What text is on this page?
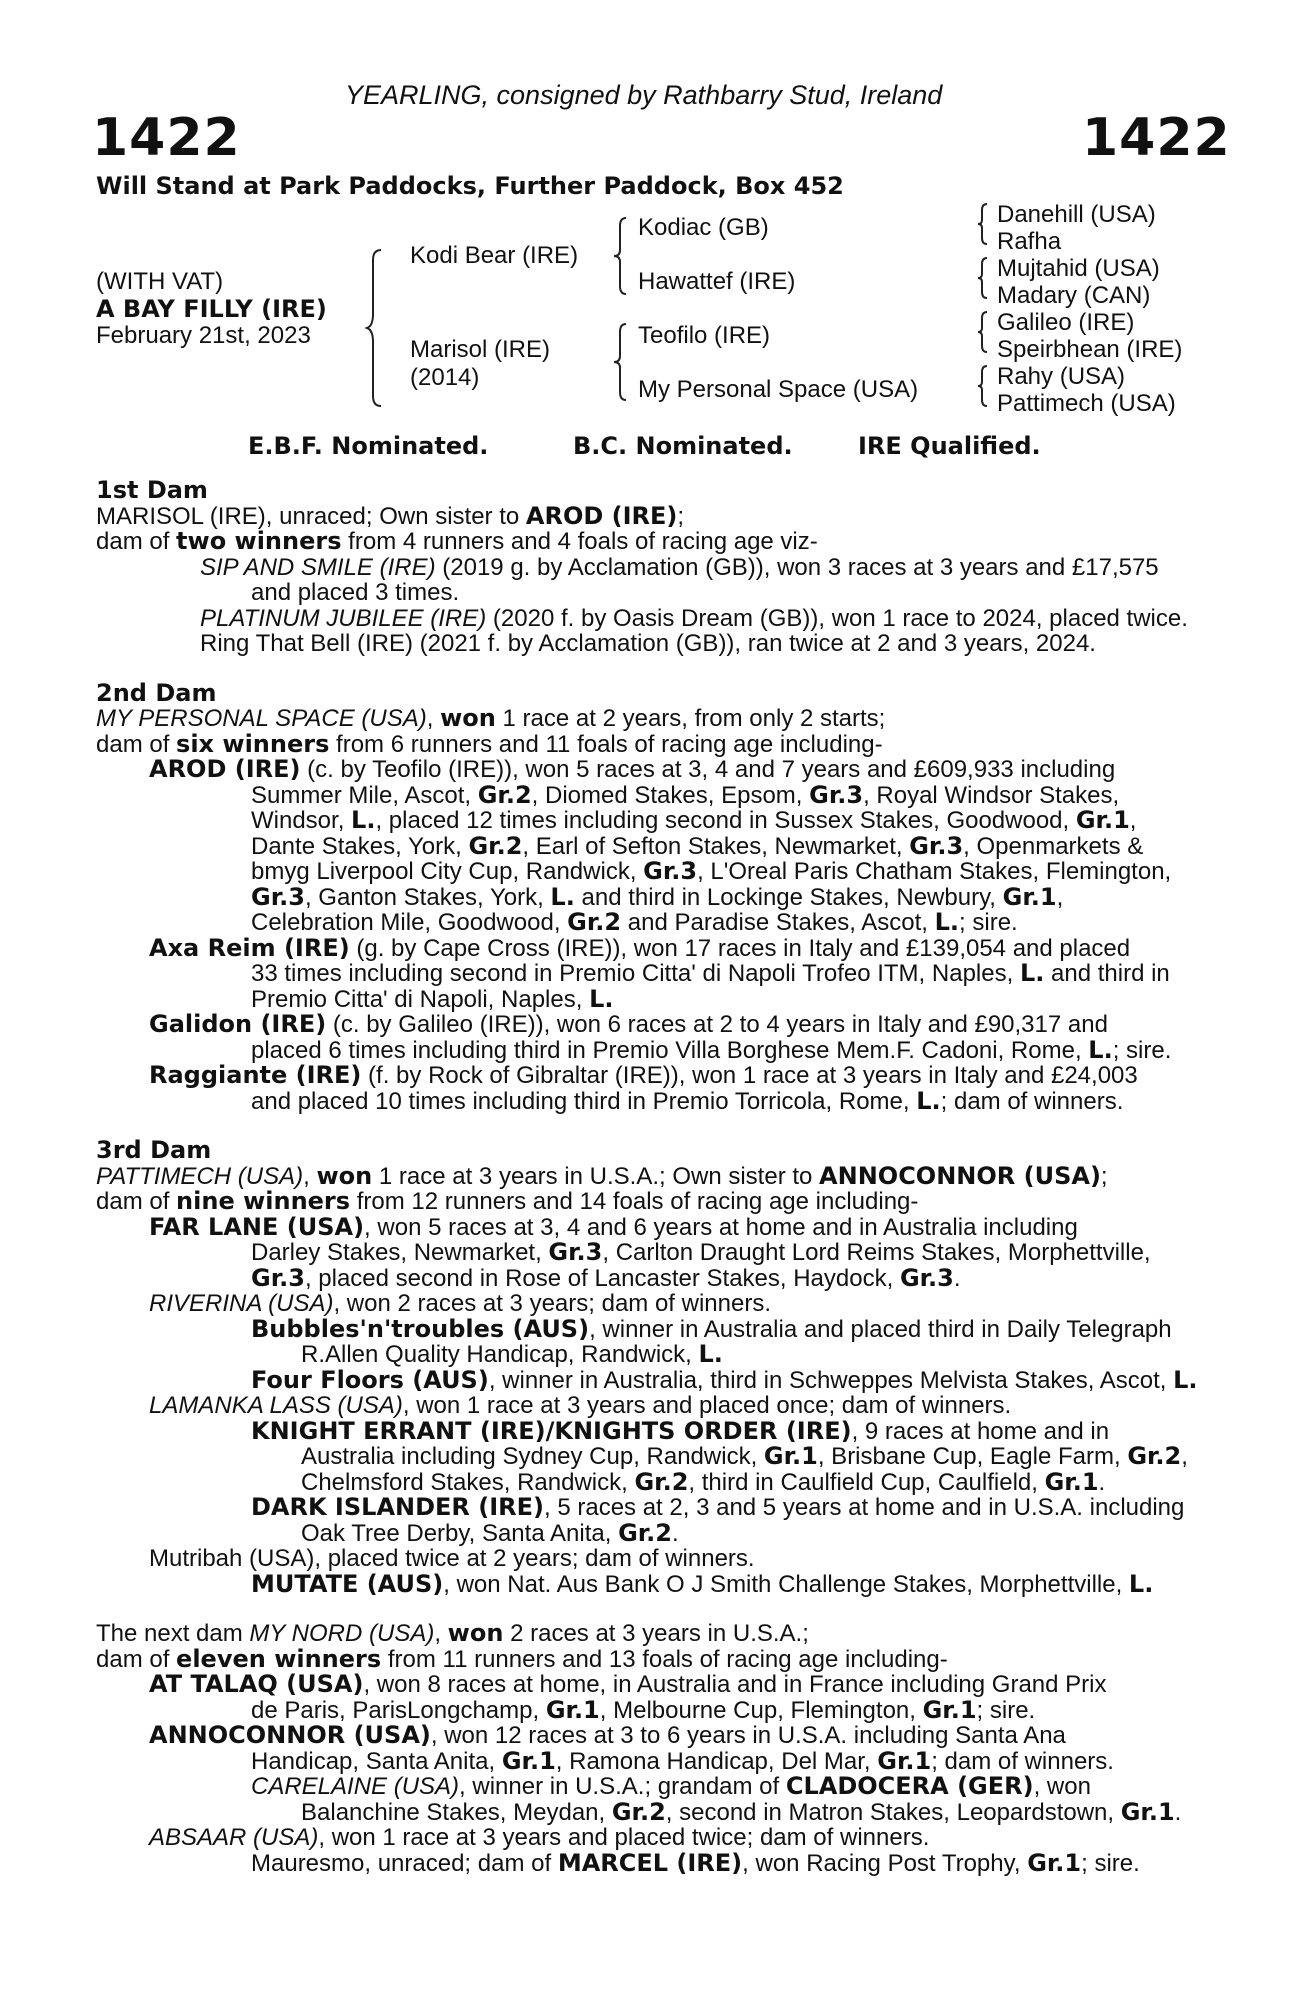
YEARLING, consigned by Rathbarry Stud, Ireland
1422	1422
Will Stand at Park Paddocks, Further Paddock, Box 452
(WITH VAT)
A BAY FILLY (IRE)
February 21st, 2023
Kodi Bear (IRE)
Marisol (IRE)
(2014)
Kodiac (GB)
Hawattef (IRE)
Teofilo (IRE)
My Personal Space (USA)
Danehill (USA)
Rafha
Mujtahid (USA)
Madary (CAN)
Galileo (IRE)
Speirbhean (IRE)
Rahy (USA)
Pattimech (USA)
E.B.F. Nominated.	B.C. Nominated.	IRE Qualified.
1st Dam
MARISOL (IRE), unraced; Own sister to AROD (IRE);
dam of two winners from 4 runners and 4 foals of racing age viz-
SIP AND SMILE (IRE) (2019 g. by Acclamation (GB)), won 3 races at 3 years and £17,575
and placed 3 times.
PLATINUM JUBILEE (IRE) (2020 f. by Oasis Dream (GB)), won 1 race to 2024, placed twice.
Ring That Bell (IRE) (2021 f. by Acclamation (GB)), ran twice at 2 and 3 years, 2024.
2nd Dam
MY PERSONAL SPACE (USA), won 1 race at 2 years, from only 2 starts;
dam of six winners from 6 runners and 11 foals of racing age including-
AROD (IRE) (c. by Teofilo (IRE)), won 5 races at 3, 4 and 7 years and £609,933 including
Summer Mile, Ascot, Gr.2, Diomed Stakes, Epsom, Gr.3, Royal Windsor Stakes,
Windsor, L., placed 12 times including second in Sussex Stakes, Goodwood, Gr.1,
Dante Stakes, York, Gr.2, Earl of Sefton Stakes, Newmarket, Gr.3, Openmarkets &
bmyg Liverpool City Cup, Randwick, Gr.3, L'Oreal Paris Chatham Stakes, Flemington,
Gr.3, Ganton Stakes, York, L. and third in Lockinge Stakes, Newbury, Gr.1,
Celebration Mile, Goodwood, Gr.2 and Paradise Stakes, Ascot, L.; sire.
Axa Reim (IRE) (g. by Cape Cross (IRE)), won 17 races in Italy and £139,054 and placed
33 times including second in Premio Citta' di Napoli Trofeo ITM, Naples, L. and third in
Premio Citta' di Napoli, Naples, L.
Galidon (IRE) (c. by Galileo (IRE)), won 6 races at 2 to 4 years in Italy and £90,317 and
placed 6 times including third in Premio Villa Borghese Mem.F. Cadoni, Rome, L.; sire.
Raggiante (IRE) (f. by Rock of Gibraltar (IRE)), won 1 race at 3 years in Italy and £24,003
and placed 10 times including third in Premio Torricola, Rome, L.; dam of winners.
3rd Dam
PATTIMECH (USA), won 1 race at 3 years in U.S.A.; Own sister to ANNOCONNOR (USA);
dam of nine winners from 12 runners and 14 foals of racing age including-
FAR LANE (USA), won 5 races at 3, 4 and 6 years at home and in Australia including
Darley Stakes, Newmarket, Gr.3, Carlton Draught Lord Reims Stakes, Morphettville,
Gr.3, placed second in Rose of Lancaster Stakes, Haydock, Gr.3.
RIVERINA (USA), won 2 races at 3 years; dam of winners.
Bubbles'n'troubles (AUS), winner in Australia and placed third in Daily Telegraph
R.Allen Quality Handicap, Randwick, L.
Four Floors (AUS), winner in Australia, third in Schweppes Melvista Stakes, Ascot, L.
LAMANKA LASS (USA), won 1 race at 3 years and placed once; dam of winners.
KNIGHT ERRANT (IRE)/KNIGHTS ORDER (IRE), 9 races at home and in
Australia including Sydney Cup, Randwick, Gr.1, Brisbane Cup, Eagle Farm, Gr.2,
Chelmsford Stakes, Randwick, Gr.2, third in Caulfield Cup, Caulfield, Gr.1.
DARK ISLANDER (IRE), 5 races at 2, 3 and 5 years at home and in U.S.A. including
Oak Tree Derby, Santa Anita, Gr.2.
Mutribah (USA), placed twice at 2 years; dam of winners.
MUTATE (AUS), won Nat. Aus Bank O J Smith Challenge Stakes, Morphettville, L.
The next dam MY NORD (USA), won 2 races at 3 years in U.S.A.;
dam of eleven winners from 11 runners and 13 foals of racing age including-
AT TALAQ (USA), won 8 races at home, in Australia and in France including Grand Prix
de Paris, ParisLongchamp, Gr.1, Melbourne Cup, Flemington, Gr.1; sire.
ANNOCONNOR (USA), won 12 races at 3 to 6 years in U.S.A. including Santa Ana
Handicap, Santa Anita, Gr.1, Ramona Handicap, Del Mar, Gr.1; dam of winners.
CARELAINE (USA), winner in U.S.A.; grandam of CLADOCERA (GER), won
Balanchine Stakes, Meydan, Gr.2, second in Matron Stakes, Leopardstown, Gr.1.
ABSAAR (USA), won 1 race at 3 years and placed twice; dam of winners.
Mauresmo, unraced; dam of MARCEL (IRE), won Racing Post Trophy, Gr.1; sire.
